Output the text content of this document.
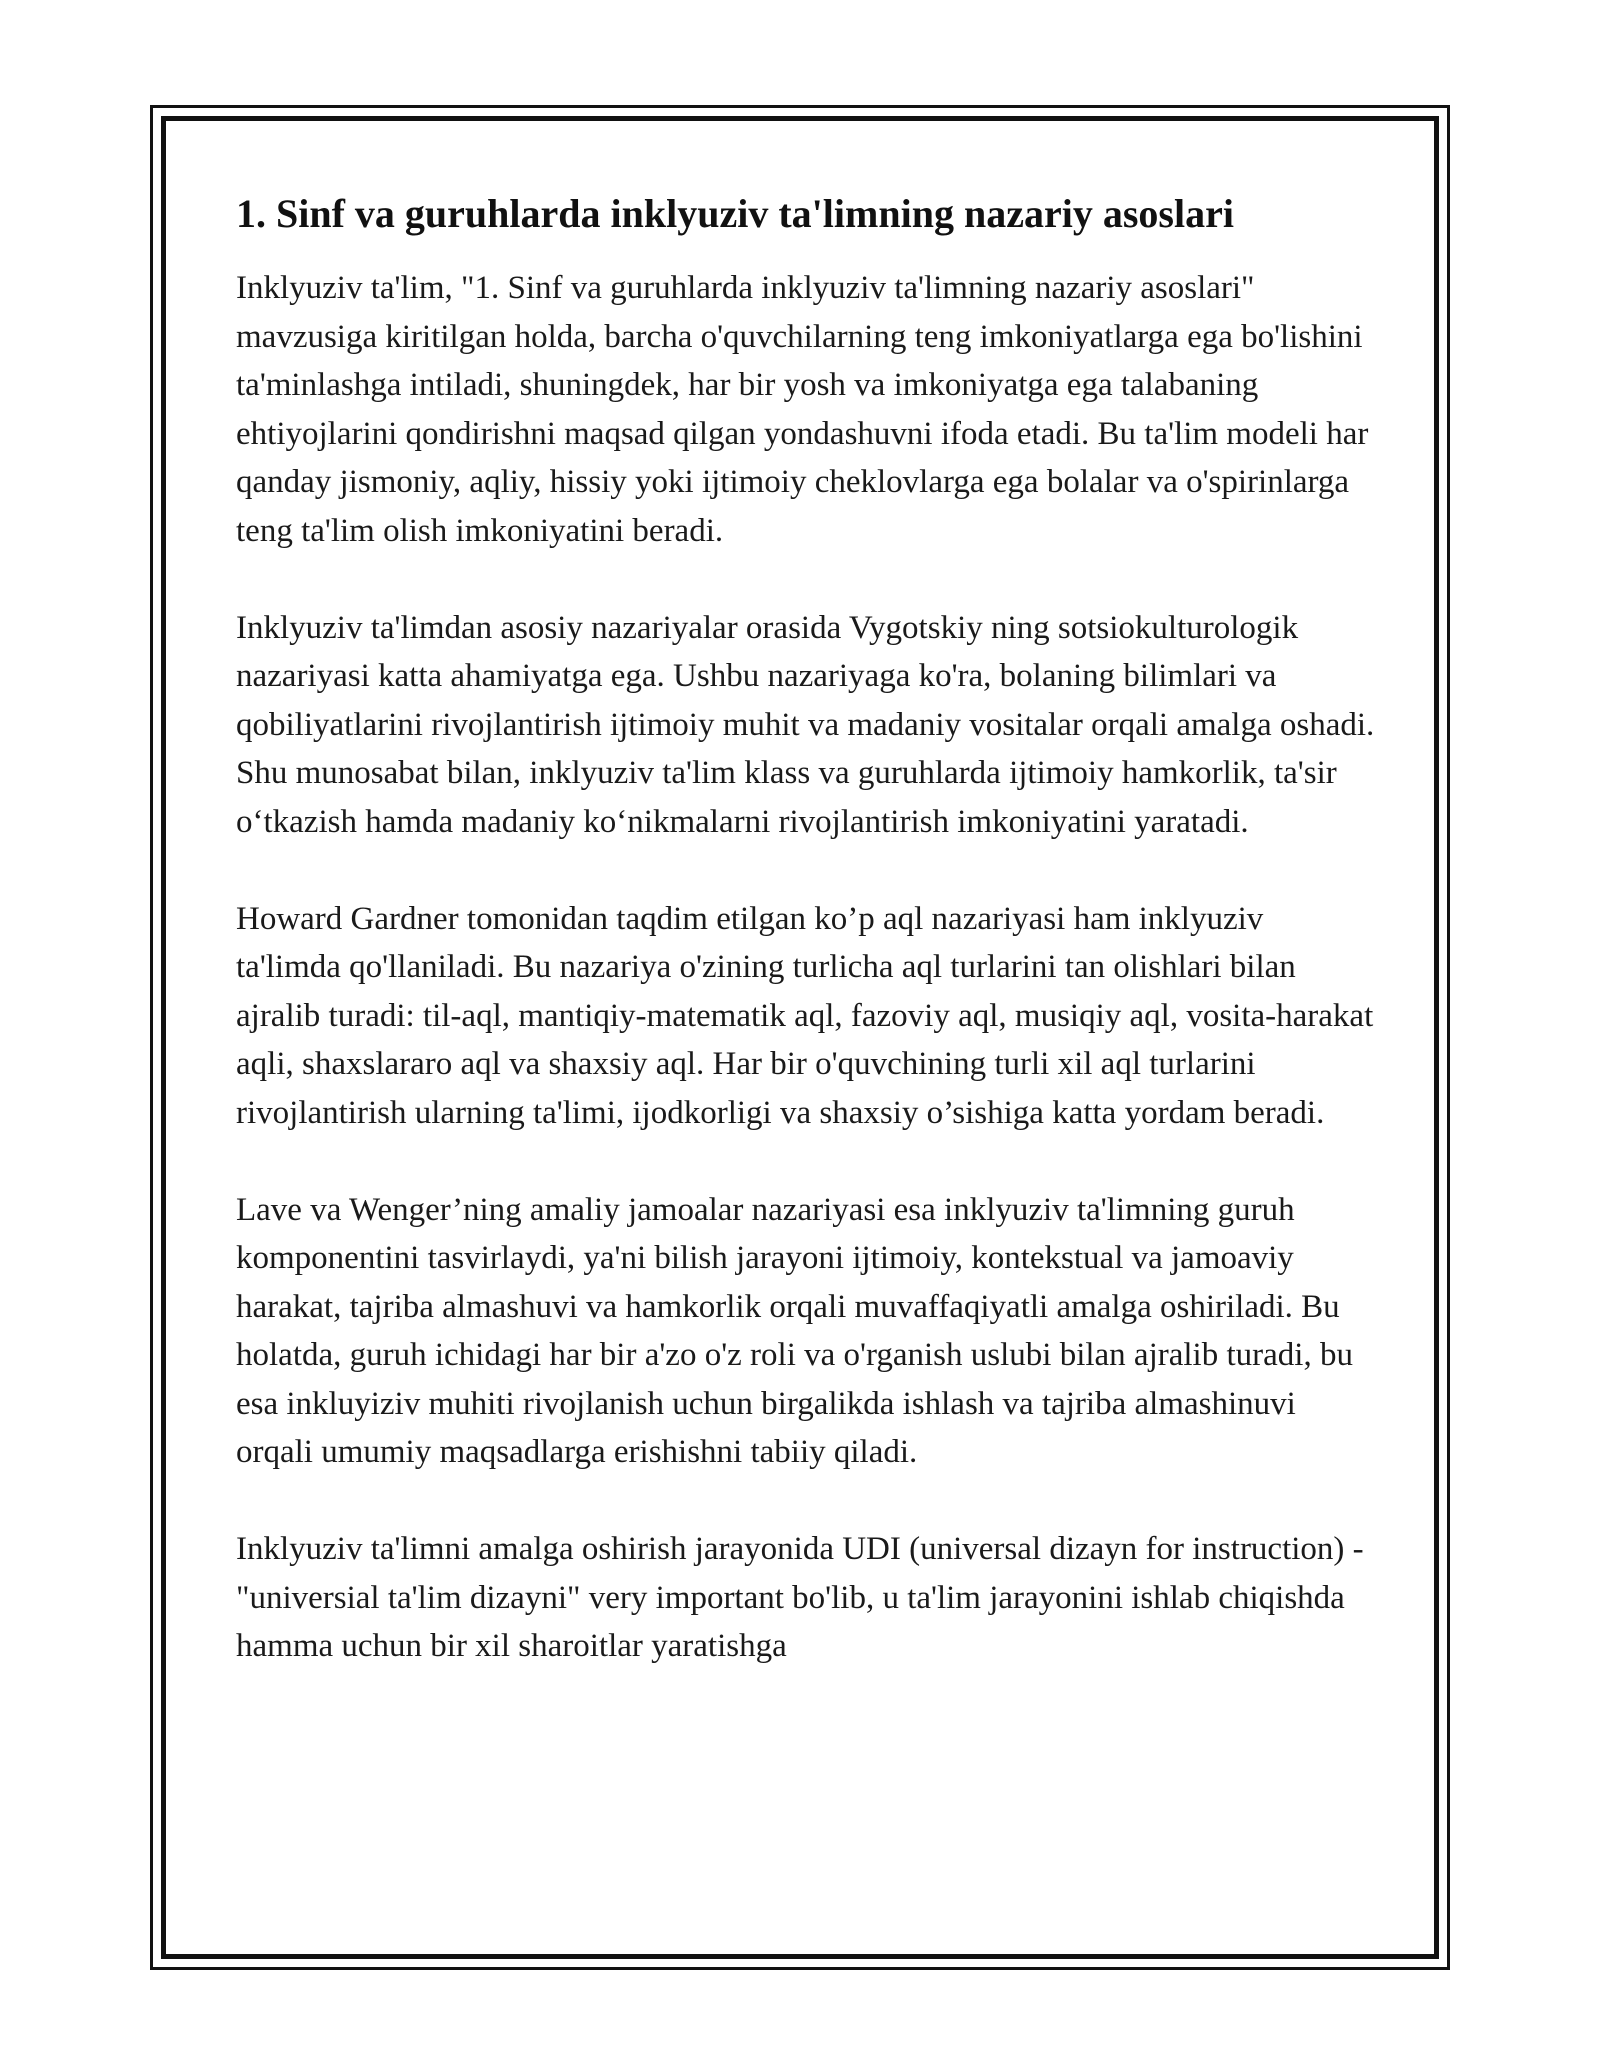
1. Sinf va guruhlarda inklyuziv ta'limning nazariy asoslari

Inklyuziv ta'lim, "1. Sinf va guruhlarda inklyuziv ta'limning nazariy asoslari" mavzusiga kiritilgan holda, barcha o'quvchilarning teng imkoniyatlarga ega bo'lishini ta'minlashga intiladi, shuningdek, har bir yosh va imkoniyatga ega talabaning ehtiyojlarini qondirishni maqsad qilgan yondashuvni ifoda etadi. Bu ta'lim modeli har qanday jismoniy, aqliy, hissiy yoki ijtimoiy cheklovlarga ega bolalar va o'spirinlarga teng ta'lim olish imkoniyatini beradi.

Inklyuziv ta'limdan asosiy nazariyalar orasida Vygotskiy ning sotsiokulturologik nazariyasi katta ahamiyatga ega. Ushbu nazariyaga ko'ra, bolaning bilimlari va qobiliyatlarini rivojlantirish ijtimoiy muhit va madaniy vositalar orqali amalga oshadi. Shu munosabat bilan, inklyuziv ta'lim klass va guruhlarda ijtimoiy hamkorlik, ta'sir o‘tkazish hamda madaniy ko‘nikmalarni rivojlantirish imkoniyatini yaratadi.

Howard Gardner tomonidan taqdim etilgan ko’p aql nazariyasi ham inklyuziv ta'limda qo'llaniladi. Bu nazariya o'zining turlicha aql turlarini tan olishlari bilan ajralib turadi: til-aql, mantiqiy-matematik aql, fazoviy aql, musiqiy aql, vosita-harakat aqli, shaxslararo aql va shaxsiy aql. Har bir o'quvchining turli xil aql turlarini rivojlantirish ularning ta'limi, ijodkorligi va shaxsiy o’sishiga katta yordam beradi.

Lave va Wenger’ning amaliy jamoalar nazariyasi esa inklyuziv ta'limning guruh komponentini tasvirlaydi, ya'ni bilish jarayoni ijtimoiy, kontekstual va jamoaviy harakat, tajriba almashuvi va hamkorlik orqali muvaffaqiyatli amalga oshiriladi. Bu holatda, guruh ichidagi har bir a'zo o'z roli va o'rganish uslubi bilan ajralib turadi, bu esa inkluyiziv muhiti rivojlanish uchun birgalikda ishlash va tajriba almashinuvi orqali umumiy maqsadlarga erishishni tabiiy qiladi.

Inklyuziv ta'limni amalga oshirish jarayonida UDI (universal dizayn for instruction) - "universial ta'lim dizayni" very important bo'lib, u ta'lim jarayonini ishlab chiqishda hamma uchun bir xil sharoitlar yaratishga
